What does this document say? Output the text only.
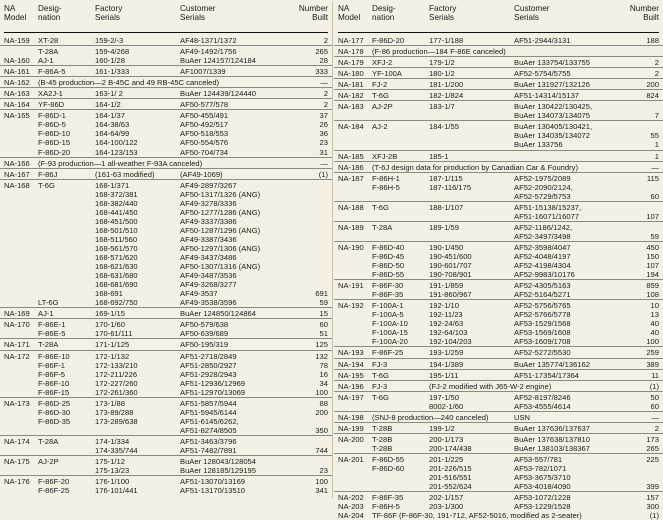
NA
Model
Desig-
nation
Factory
Serials
Customer
Serials
Number
Built
NA-159 XT-28	159-2/-3	AF48-1371/1372	2
T-28A	159-4/268	AF49-1492/1756	265
NA-160 AJ-1	160-1/28	BuAer 124157/124184	28
NA-161 F-86A-5	161-1/333	AF1007/1339	333
NA-162 (B-45 production—2 B-45C and 49 RB-45C canceled)	—
NA-163 XA2J-1	163-1/ 2	BuAer 124439/124440	2
NA-164 YF-86D	164-1/2	AF50-577/578	2
NA-165 F-86D-1	164-1/37	AF50-455/491	37
F-86D-5	164-38/63	AF50-492/517	26
F-86D-10	164-64/99	AF50-518/553	36
F-86D-15	164-100/122	AF50-554/576	23
F-86D-20	164-123/153	AF50-704/734	31
NA-166 (F-93 production—1 all-weather F-93A canceled)	—
NA-167 F-86J	(161-63 modified)	(AF49-1069)	(1)
NA-168 T-6G	168-1/371	AF49-2897/3267
168-372/381	AF50-1317/1326 (ANG)
168-382/440	AF49-3278/3336
168-441/450	AF50-1277/1286 (ANG)
168-451/500	AF49-3337/3386
168-501/510	AF50-1287/1296 (ANG)
168-511/560	AF49-3387/3436
168-561/570	AF50-1297/1306 (ANG)
168-571/620	AF49-3437/3486
168-621/630	AF50-1307/1316 (ANG)
168-631/680	AF49-3487/3536
168-681/690	AF49-3268/3277
168-691	AF49-3537	691
LT-6G	168-692/750	AF49-3538/3596	59
NA-169 AJ-1	169-1/15	BuAer 124850/124864	15
NA-170 F-86E-1	170-1/60	AF50-579/638	60
F-86E-5	170-61/111	AF50-639/689	51
NA-171 T-28A	171-1/125	AF50-195/319	125
NA-172 F-86E-10	172-1/132	AF51-2718/2849	132
F-86F-1	172-133/210	AF51-2850/2927	78
F-86F-5	172-211/226	AF51-2928/2943	16
F-86F-10	172-227/260	AF51-12936/12969	34
F-86F-15	172-261/360	AF51-12970/13069	100
NA-173 F-86D-25	173-1/88	AF51-5857/5944	88
F-86D-30	173-89/288	AF51-5945/6144	200
F-86D-35	173-289/638	AF51-6145/6262,
AF51-8274/8505	350
NA-174 T-28A	174-1/334	AF51-3463/3796
174-335/744	AF51-7482/7891	744
NA-175 AJ-2P	175-1/12	BuAer 128043/128054
175-13/23	BuAer 128185/129195	23
NA-176 F-86F-20	176-1/100	AF51-13070/13169	100
F-86F-25	176-101/441	AF51-13170/13510	341
NA
Model
Desig-
nation
Factory
Serials
Customer
Serials
Number
Built
NA-177 F-86D-20	177-1/188	AF51-2944/3131	188
NA-178 (F-86 production—184 F-86E canceled)
NA-179 XFJ-2	179-1/2	BuAer 133754/133755	2
NA-180 YF-100A	180-1/2	AF52-5754/5755	2
NA-181 FJ-2	181-1/200	BuAer 131927/132126	200
NA-182 T-6G	182-1/824	AF51-14314/15137	824
NA-183 AJ-2P	183-1/7	BuAer 130422/130425,
BuAer 134073/134075	7
NA-184 AJ-2	184-1/55	BuAer 130405/130421,
BuAer 134035/134072	55
BuAer 133756	1
NA-185 XFJ-2B	185-1	1
NA-186 (T-6J design data for production by Canadian Car & Foundry)	—
NA-187 F-86H-1	187-1/115	AF52-1975/2089	115
F-86H-5	187-116/175	AF52-2090/2124,
AF52-5729/5753	60
NA-188 T-6G	188-1/107	AF51-15138/15237,
AF51-16071/16077	107
NA-189 T-28A	189-1/59	AF52-1186/1242,
AF52-3497/3498	59
NA-190 F-86D-40	190-1/450	AF52-3598/4047	450
F-86D-45	190-451/600	AF52-4048/4197	150
F-86D-50	190-601/707	AF52-4198/4304	107
F-86D-55	190-708/901	AF52-9983/10176	194
NA-191 F-86F-30	191-1/859	AF52-4305/5163	859
F-86F-35	191-860/967	AF52-5164/5271	108
NA-192 F-100A-1	192-1/10	AF52-5756/5765	10
F-100A-5	192-11/23	AF52-5766/5778	13
F-100A-10	192-24/63	AF53-1529/1568	40
F-100A-15	192-64/103	AF53-1569/1608	40
F-100A-20	192-104/203	AF53-1609/1708	100
NA-193 F-86F-25	193-1/259	AF52-5272/5530	259
NA-194 FJ-3	194-1/389	BuAer 135774/136162	389
NA-195 T-6G	195-1/11	AF51-17354/17364	11
NA-196 FJ-3	(FJ-2 modified with J65-W-2 engine)	(1)
NA-197 T-6G	197-1/50	AF52-8197/8246	50
8002-1/60	AF53-4555/4614	60
NA-198	USN
(SNJ-8 production—240 canceled)	—
NA-199 T-28B	199-1/2	BuAer 137636/137637	2
NA-200 T-28B	200-1/173	BuAer 137638/137810	173
T-28B	200-174/438	BuAer 138103/138367	265
NA-201 F-86D-55	201-1/225	AF53-557/781	225
F-86D-60	201-226/515	AF53-782/1071
201-516/551	AF53-3675/3710
201-552/624	AF53-4018/4090	399
NA-202 F-86F-35	202-1/157	AF53-1072/1228	157
NA-203 F-86H-5	203-1/300	AF53-1229/1528	300
NA-204 TF-86F (F-86F-30, 191-712, AF52-5016, modified as 2-seater)	(1)
